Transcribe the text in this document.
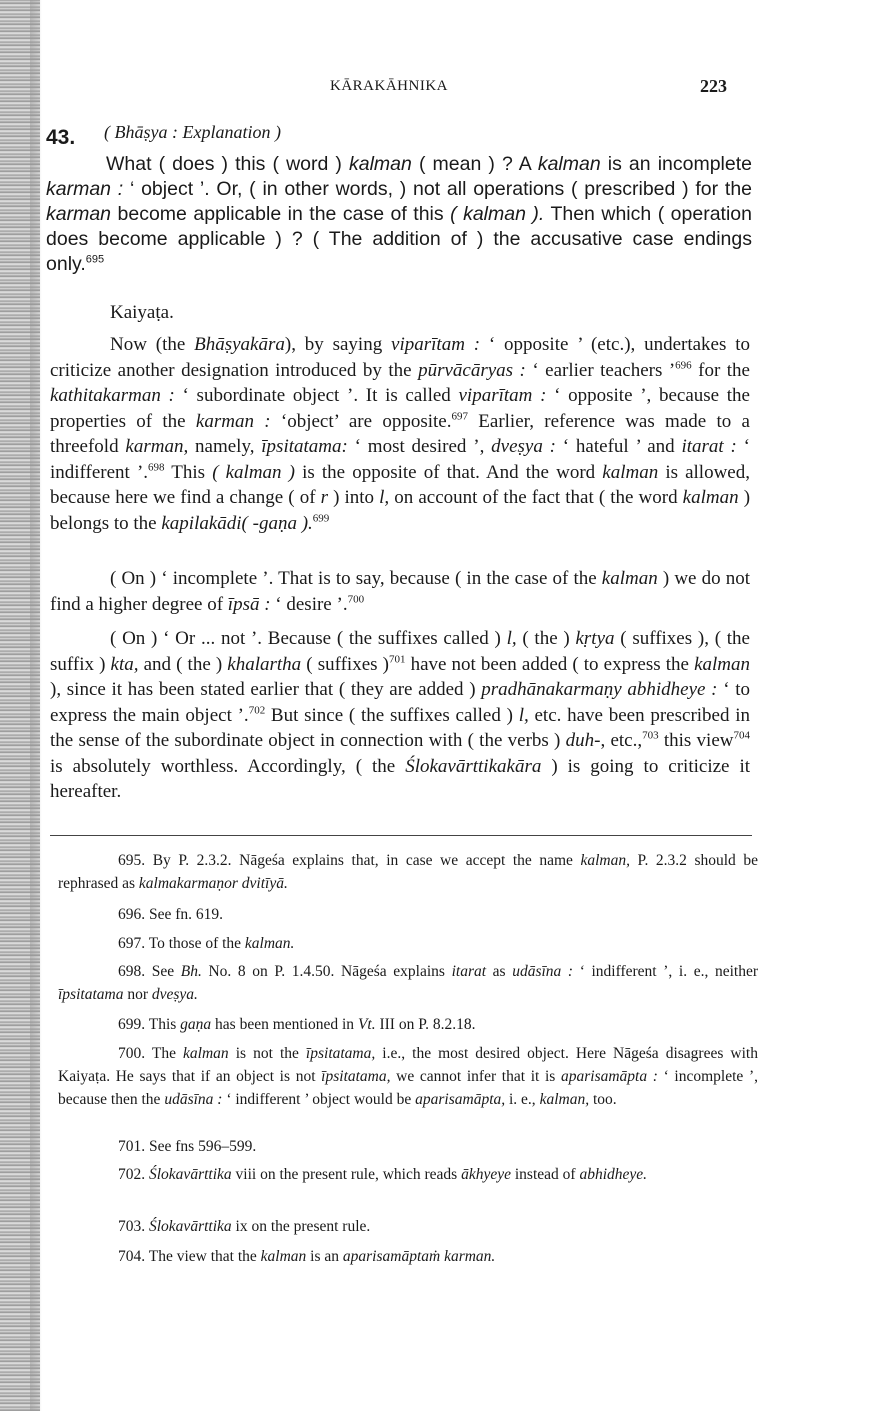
KĀRAKĀHNIKA	223
43. ( Bhāṣya : Explanation )

What ( does ) this ( word ) kalman ( mean ) ? A kalman is an incomplete karman : ‘ object ’. Or, ( in other words, ) not all operations ( prescribed ) for the karman become applicable in the case of this ( kalman ). Then which ( operation does become applicable ) ? ( The addition of ) the accusative case endings only.$^{695}$

Kaiyaṭa.

Now (the Bhāṣyakāra), by saying viparītam : ‘ opposite ’ (etc.), undertakes to criticize another designation introduced by the pūrvācāryas : ‘ earlier teachers ’$^{696}$ for the kathitakarman : ‘ subordinate object ’. It is called viparītam : ‘ opposite ’, because the properties of the karman : ‘object’ are opposite.$^{697}$ Earlier, reference was made to a threefold karman, namely, īpsitatama: ‘ most desired ’, dveṣya : ‘ hateful ’ and itarat : ‘ indifferent ’.$^{698}$ This ( kalman ) is the opposite of that. And the word kalman is allowed, because here we find a change ( of r ) into l, on account of the fact that ( the word kalman ) belongs to the kapilakādi( -gaṇa ).$^{699}$

( On ) ‘ incomplete ’. That is to say, because ( in the case of the kalman ) we do not find a higher degree of īpsā : ‘ desire ’.$^{700}$

( On ) ‘ Or ... not ’. Because ( the suffixes called ) l, ( the ) kṛtya ( suffixes ), ( the suffix ) kta, and ( the ) khalartha ( suffixes )$^{701}$ have not been added ( to express the kalman ), since it has been stated earlier that ( they are added ) pradhānakarmaṇy abhidheye : ‘ to express the main object ’.$^{702}$ But since ( the suffixes called ) l, etc. have been prescribed in the sense of the subordinate object in connection with ( the verbs ) duh-, etc.,$^{703}$ this view$^{704}$ is absolutely worthless. Accordingly, ( the Ślokavārttikakāra ) is going to criticize it hereafter.

695. By P. 2.3.2. Nāgeśa explains that, in case we accept the name kalman, P. 2.3.2 should be rephrased as kalmakarmaṇor dvitīyā.

696. See fn. 619.

697. To those of the kalman.

698. See Bh. No. 8 on P. 1.4.50. Nāgeśa explains itarat as udāsīna : ‘ indifferent ’, i. e., neither īpsitatama nor dveṣya.

699. This gaṇa has been mentioned in Vt. III on P. 8.2.18.

700. The kalman is not the īpsitatama, i.e., the most desired object. Here Nāgeśa disagrees with Kaiyaṭa. He says that if an object is not īpsitatama, we cannot infer that it is aparisamāpta : ‘ incomplete ’, because then the udāsīna : ‘ indifferent ’ object would be aparisamāpta, i. e., kalman, too.

701. See fns 596–599.

702. Ślokavārttika viii on the present rule, which reads ākhyeye instead of abhidheye.

703. Ślokavārttika ix on the present rule.

704. The view that the kalman is an aparisamāptaṁ karman.
